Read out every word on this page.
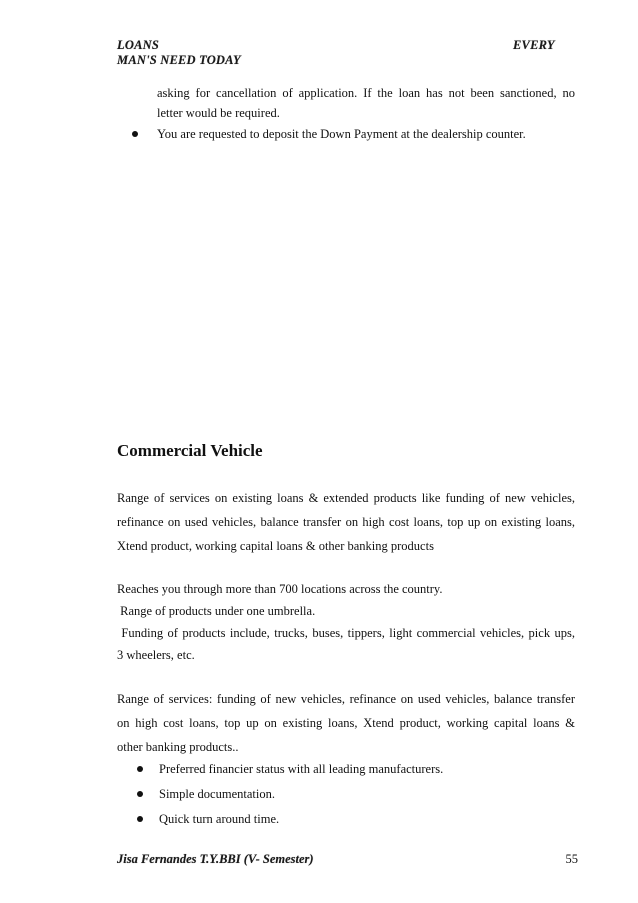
LOANS	EVERY
MAN'S NEED TODAY
asking for cancellation of application. If the loan has not been sanctioned, no
letter would be required.
You are requested to deposit the Down Payment at the dealership counter.
Commercial Vehicle
Range of services on existing loans & extended products like funding of new vehicles,
refinance on used vehicles, balance transfer on high cost loans, top up on existing loans,
Xtend product, working capital loans & other banking products
Reaches you through more than 700 locations across the country.
Range of products under one umbrella.
Funding of products include, trucks, buses, tippers, light commercial vehicles, pick ups,
3 wheelers, etc.
Range of services: funding of new vehicles, refinance on used vehicles, balance transfer
on high cost loans, top up on existing loans, Xtend product, working capital loans &
other banking products..
Preferred financier status with all leading manufacturers.
Simple documentation.
Quick turn around time.
Jisa Fernandes T.Y.BBI (V- Semester)	55
